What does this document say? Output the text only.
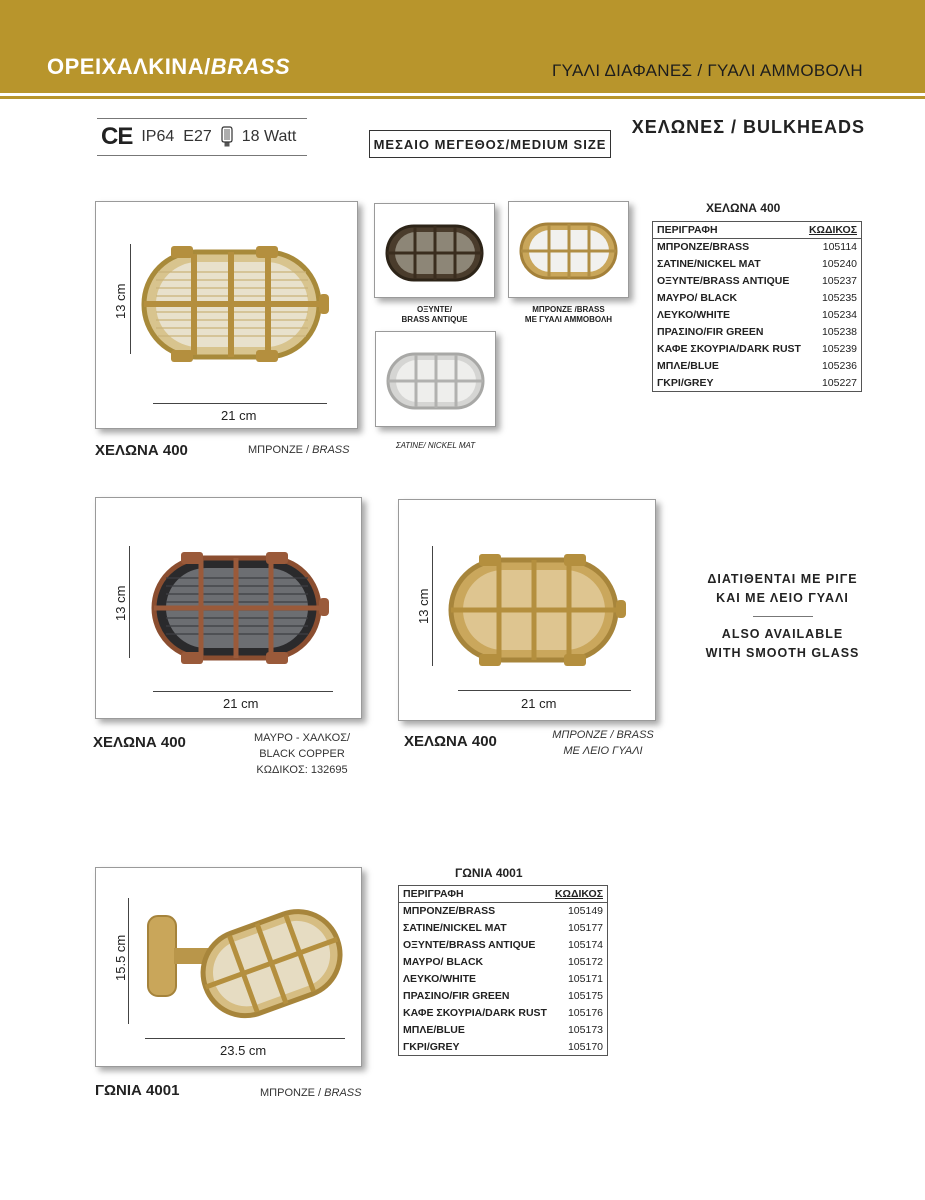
ΟΡΕΙΧΑΛΚΙΝΑ/BRASS	ΓΥΑΛΙ ΔΙΑΦΑΝΕΣ / ΓΥΑΛΙ ΑΜΜΟΒΟΛΗ
CE IP64 E27 18 Watt	ΜΕΣΑΙΟ ΜΕΓΕΘΟΣ/MEDIUM SIZE
ΧΕΛΩΝΕΣ / BULKHEADS
13 cm
21 cm
ΧΕΛΩΝΑ 400	ΜΠΡΟΝΖΕ / BRASS
ΟΞΥΝΤΕ/
BRASS ANTIQUE
ΜΠΡΟΝΖΕ /BRASS
ΜΕ ΓΥΑΛΙ ΑΜΜΟΒΟΛΗ
ΣΑΤΙΝΕ/ NICKEL MAT
ΧΕΛΩΝΑ 400
ΠΕΡΙΓΡΑΦΗ	ΚΩΔΙΚΟΣ
ΜΠΡΟΝΖΕ/BRASS	105114
ΣΑΤΙΝΕ/NICKEL MAT	105240
ΟΞΥΝΤΕ/BRASS ANTIQUE	105237
ΜΑΥΡΟ/ BLACK	105235
ΛΕΥΚΟ/WHITE	105234
ΠΡΑΣΙΝΟ/FIR GREEN	105238
ΚΑΦΕ ΣΚΟΥΡΙΑ/DARK RUST	105239
ΜΠΛΕ/BLUE	105236
ΓΚΡΙ/GREY	105227
13 cm
21 cm
ΧΕΛΩΝΑ 400	ΜΑΥΡΟ - ΧΑΛΚΟΣ/
BLACK COPPER
ΚΩΔΙΚΟΣ: 132695
13 cm
21 cm
ΧΕΛΩΝΑ 400	ΜΠΡΟΝΖΕ / BRASS
ΜΕ ΛΕΙΟ ΓΥΑΛΙ
ΔΙΑΤΙΘΕΝΤΑΙ ΜΕ ΡΙΓΕ
ΚΑΙ ΜΕ ΛΕΙΟ ΓΥΑΛΙ
ALSO AVAILABLE
WITH SMOOTH GLASS
15.5 cm
23.5 cm
ΓΩΝΙΑ 4001	ΜΠΡΟΝΖΕ / BRASS
ΓΩΝΙΑ 4001
ΠΕΡΙΓΡΑΦΗ	ΚΩΔΙΚΟΣ
ΜΠΡΟΝΖΕ/BRASS	105149
ΣΑΤΙΝΕ/NICKEL MAT	105177
ΟΞΥΝΤΕ/BRASS ANTIQUE	105174
ΜΑΥΡΟ/ BLACK	105172
ΛΕΥΚΟ/WHITE	105171
ΠΡΑΣΙΝΟ/FIR GREEN	105175
ΚΑΦΕ ΣΚΟΥΡΙΑ/DARK RUST	105176
ΜΠΛΕ/BLUE	105173
ΓΚΡΙ/GREY	105170
